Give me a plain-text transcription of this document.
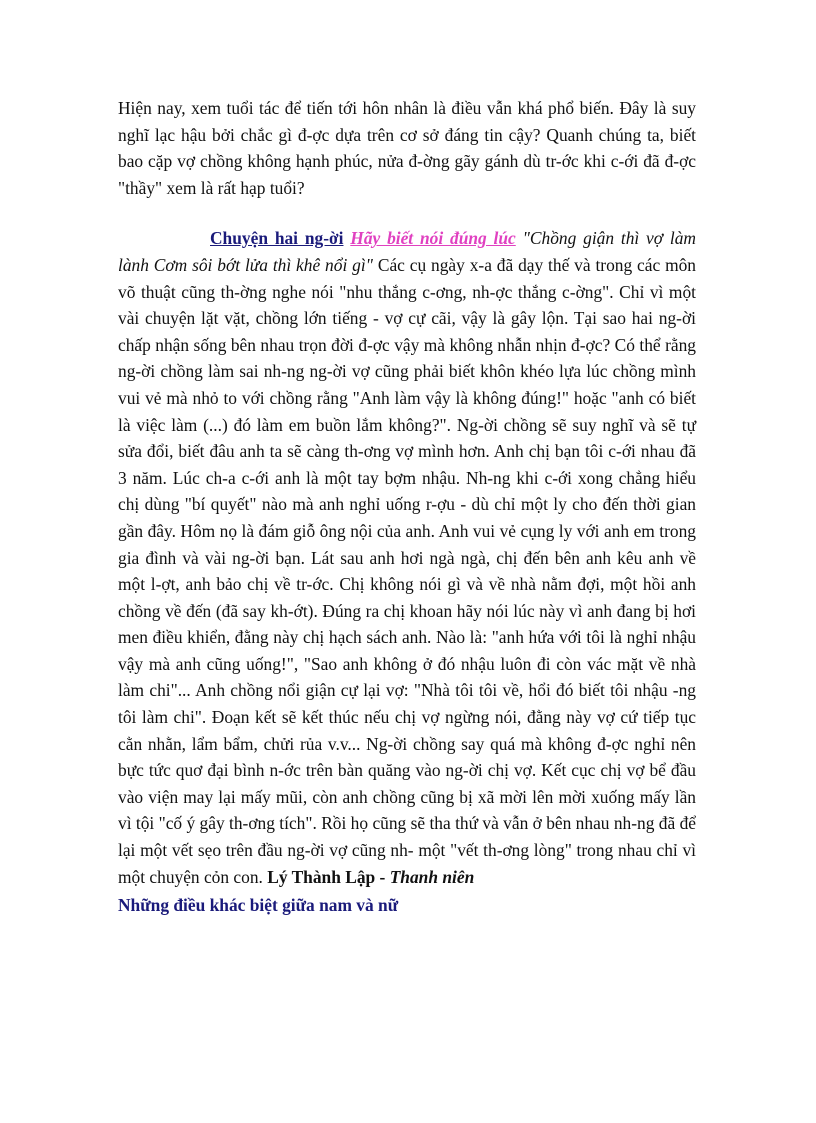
Hiện nay, xem tuổi tác để tiến tới hôn nhân là điều vẫn khá phổ biến. Đây là suy nghĩ lạc hậu bởi chắc gì đ-ợc dựa trên cơ sở đáng tin cậy? Quanh chúng ta, biết bao cặp vợ chồng không hạnh phúc, nửa đ-ờng gãy gánh dù tr-ớc khi c-ới đã đ-ợc "thầy" xem là rất hạp tuổi?

Chuyện hai ng-ời Hãy biết nói đúng lúc "Chồng giận thì vợ làm lành Cơm sôi bớt lửa thì khê nổi gì" Các cụ ngày x-a đã dạy thế và trong các môn võ thuật cũng th-ờng nghe nói "nhu thắng c-ơng, nh-ợc thắng c-ờng". Chỉ vì một vài chuyện lặt vặt, chồng lớn tiếng - vợ cự cãi, vậy là gây lộn. Tại sao hai ng-ời chấp nhận sống bên nhau trọn đời đ-ợc vậy mà không nhẫn nhịn đ-ợc? Có thể rằng ng-ời chồng làm sai nh-ng ng-ời vợ cũng phải biết khôn khéo lựa lúc chồng mình vui vẻ mà nhỏ to với chồng rằng "Anh làm vậy là không đúng!" hoặc "anh có biết là việc làm (...) đó làm em buồn lắm không?". Ng-ời chồng sẽ suy nghĩ và sẽ tự sửa đổi, biết đâu anh ta sẽ càng th-ơng vợ mình hơn. Anh chị bạn tôi c-ới nhau đã 3 năm. Lúc ch-a c-ới anh là một tay bợm nhậu. Nh-ng khi c-ới xong chẳng hiểu chị dùng "bí quyết" nào mà anh nghỉ uống r-ợu - dù chỉ một ly cho đến thời gian gần đây. Hôm nọ là đám giỗ ông nội của anh. Anh vui vẻ cụng ly với anh em trong gia đình và vài ng-ời bạn. Lát sau anh hơi ngà ngà, chị đến bên anh kêu anh về một l-ợt, anh bảo chị về tr-ớc. Chị không nói gì và về nhà nằm đợi, một hồi anh chồng về đến (đã say kh-ớt). Đúng ra chị khoan hãy nói lúc này vì anh đang bị hơi men điều khiển, đằng này chị hạch sách anh. Nào là: "anh hứa với tôi là nghỉ nhậu vậy mà anh cũng uống!", "Sao anh không ở đó nhậu luôn đi còn vác mặt về nhà làm chi"... Anh chồng nổi giận cự lại vợ: "Nhà tôi tôi về, hổi đó biết tôi nhậu -ng tôi làm chi". Đoạn kết sẽ kết thúc nếu chị vợ ngừng nói, đằng này vợ cứ tiếp tục cằn nhằn, lẩm bẩm, chửi rủa v.v... Ng-ời chồng say quá mà không đ-ợc nghỉ nên bực tức quơ đại bình n-ớc trên bàn quăng vào ng-ời chị vợ. Kết cục chị vợ bể đầu vào viện may lại mấy mũi, còn anh chồng cũng bị xã mời lên mời xuống mấy lần vì tội "cố ý gây th-ơng tích". Rồi họ cũng sẽ tha thứ và vẫn ở bên nhau nh-ng đã để lại một vết sẹo trên đầu ng-ời vợ cũng nh- một "vết th-ơng lòng" trong nhau chỉ vì một chuyện cỏn con. Lý Thành Lập - Thanh niên

Những điều khác biệt giữa nam và nữ
